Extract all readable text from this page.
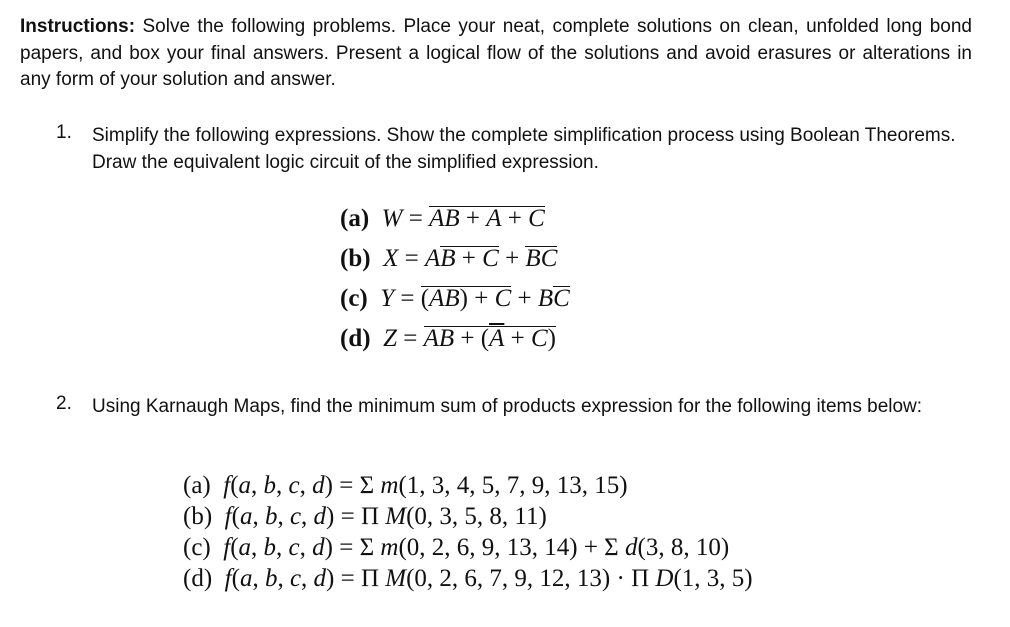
Instructions: Solve the following problems. Place your neat, complete solutions on clean, unfolded long bond papers, and box your final answers. Present a logical flow of the solutions and avoid erasures or alterations in any form of your solution and answer.
1. Simplify the following expressions. Show the complete simplification process using Boolean Theorems. Draw the equivalent logic circuit of the simplified expression.
(a) W = AB + A + C
(b) X = AB + C + BC
(c) Y = (AB) + C + BC
(d) Z = AB + $(\overline{A} + C)$
2. Using Karnaugh Maps, find the minimum sum of products expression for the following items below:
(a) f(a, b, c, d) = Σ m(1, 3, 4, 5, 7, 9, 13, 15)
(b) f(a, b, c, d) = Π M(0, 3, 5, 8, 11)
(c) f(a, b, c, d) = Σ m(0, 2, 6, 9, 13, 14) + Σ d(3, 8, 10)
(d) f(a, b, c, d) = Π M(0, 2, 6, 7, 9, 12, 13) · Π D(1, 3, 5)
